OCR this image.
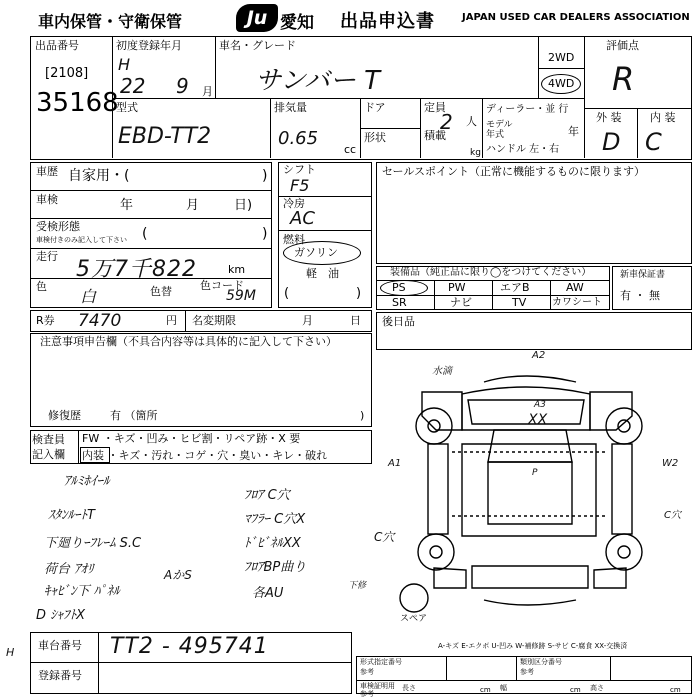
車内保管・守衛保管	Ju 愛知 出品申込書	JAPAN USED CAR DEALERS ASSOCIATION
出品番号
[2108]
35168
初度登録年月
H
22 9 月
車名・グレード
サンバー T
2WD
4WD
評価点
R
外 装	内 装
D C
型式
EBD-TT2
排気量
0.65
cc
ドア
形状
定員
2 人
積載
kg
ディーラー・並 行
モデル 年式	年
ハンドル 左・右
車歴 自家用・(	)
車検	年	月	日)
受検形態
車検付きのみ記入して下さい (	)
走行
5万7千822	km
色
白	色替	色コード
59M
シフト
F5
冷房
AC
燃料
ガソリン
軽　油
(	)
セールスポイント（正常に機能するものに限ります）
装備品（純正品に限り◯をつけてください）	新車保証書
有 ・ 無
R券 7470	円 名変期限	月	日 後日品
注意事項申告欄（不具合内容等は具体的に記入して下さい）
修復歴	有 （箇所	)
検査員
記入欄
FW ・キズ・凹み・ヒビ割・リペア跡・X 要
内装 ・キズ・汚れ・コゲ・穴・臭い・キレ・破れ
水滴
A2
A3
XX
A1
P
W2
C穴
C穴
下修
スペア
A-キズ E-エクボ U-凹み W-補修跡 S-サビ C-腐食 XX-交換済
車台番号 TT2 - 495741
登録番号
形式指定番号
参考
類別区分番号
参考
車検証明用
参考
長さ	cm 幅	cm 高さ	cm
PS	PW	エアB	AW
SR	ナビ	TV	カワシート
ｱﾙﾐﾎｲｰﾙ
ﾌﾛｱ C穴
ｽﾀﾝﾙｰﾄT	ﾏﾌﾗｰ C穴X
下廻りｰﾌﾚｰﾑ S.C	ﾄﾞﾋﾞﾈﾙXX
荷台 ｱｵﾘ	ﾌﾛｱBP曲り
ｷｬﾋﾞﾝ下 ﾊﾟﾈﾙ
AかS
各AU
D ｼｬﾌﾄX
H
